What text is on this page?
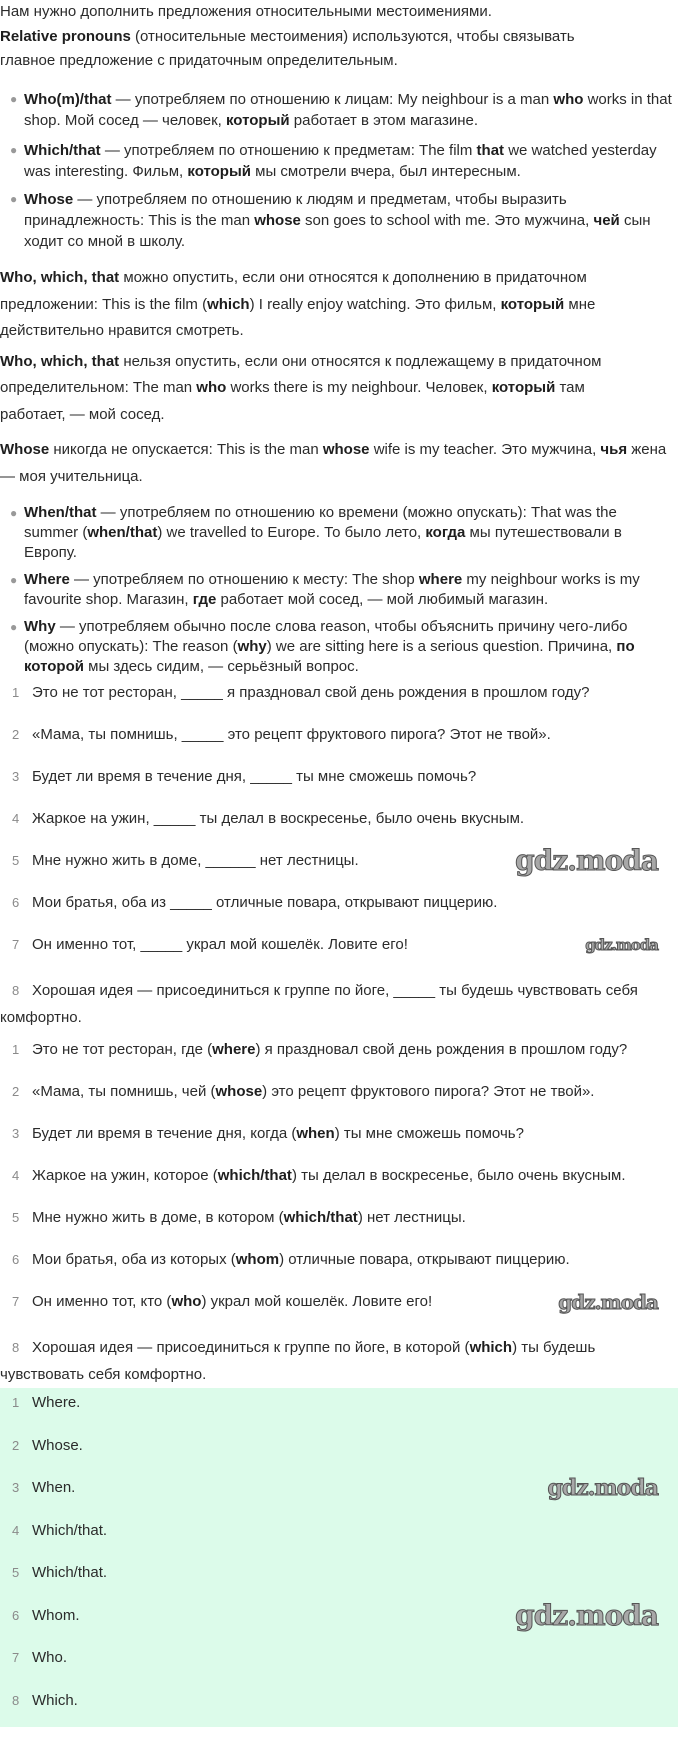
Нам нужно дополнить предложения относительными местоимениями.
Relative pronouns (относительные местоимения) используются, чтобы связывать главное предложение с придаточным определительным.
● Who(m)/that — употребляем по отношению к лицам: My neighbour is a man who works in that shop. Мой сосед — человек, который работает в этом магазине.
● Which/that — употребляем по отношению к предметам: The film that we watched yesterday was interesting. Фильм, который мы смотрели вчера, был интересным.
● Whose — употребляем по отношению к людям и предметам, чтобы выразить принадлежность: This is the man whose son goes to school with me. Это мужчина, чей сын ходит со мной в школу.
Who, which, that можно опустить, если они относятся к дополнению в придаточном предложении: This is the film (which) I really enjoy watching. Это фильм, который мне действительно нравится смотреть.
Who, which, that нельзя опустить, если они относятся к подлежащему в придаточном определительном: The man who works there is my neighbour. Человек, который там работает, — мой сосед.
Whose никогда не опускается: This is the man whose wife is my teacher. Это мужчина, чья жена — моя учительница.
● When/that — употребляем по отношению ко времени (можно опускать): That was the summer (when/that) we travelled to Europe. То было лето, когда мы путешествовали в Европу.
● Where — употребляем по отношению к месту: The shop where my neighbour works is my favourite shop. Магазин, где работает мой сосед, — мой любимый магазин.
● Why — употребляем обычно после слова reason, чтобы объяснить причину чего-либо (можно опускать): The reason (why) we are sitting here is a serious question. Причина, по которой мы здесь сидим, — серьёзный вопрос.
1 Это не тот ресторан, _____ я праздновал свой день рождения в прошлом году?
2 «Мама, ты помнишь, _____ это рецепт фруктового пирога? Этот не твой».
3 Будет ли время в течение дня, _____ ты мне сможешь помочь?
4 Жаркое на ужин, _____ ты делал в воскресенье, было очень вкусным.
5 Мне нужно жить в доме, ______ нет лестницы.	gdz.moda
6 Мои братья, оба из _____ отличные повара, открывают пиццерию.
7 Он именно тот, _____ украл мой кошелёк. Ловите его!	gdz.moda
8 Хорошая идея — присоединиться к группе по йоге, _____ ты будешь чувствовать себя комфортно.
1 Это не тот ресторан, где (where) я праздновал свой день рождения в прошлом году?
2 «Мама, ты помнишь, чей (whose) это рецепт фруктового пирога? Этот не твой».
3 Будет ли время в течение дня, когда (when) ты мне сможешь помочь?
4 Жаркое на ужин, которое (which/that) ты делал в воскресенье, было очень вкусным.
5 Мне нужно жить в доме, в котором (which/that) нет лестницы.
6 Мои братья, оба из которых (whom) отличные повара, открывают пиццерию.
7 Он именно тот, кто (who) украл мой кошелёк. Ловите его!	gdz.moda
8 Хорошая идея — присоединиться к группе по йоге, в которой (which) ты будешь чувствовать себя комфортно.
1 Where.
2 Whose.
3 When.	gdz.moda
4 Which/that.
5 Which/that.
6 Whom.	gdz.moda
7 Who.
8 Which.
